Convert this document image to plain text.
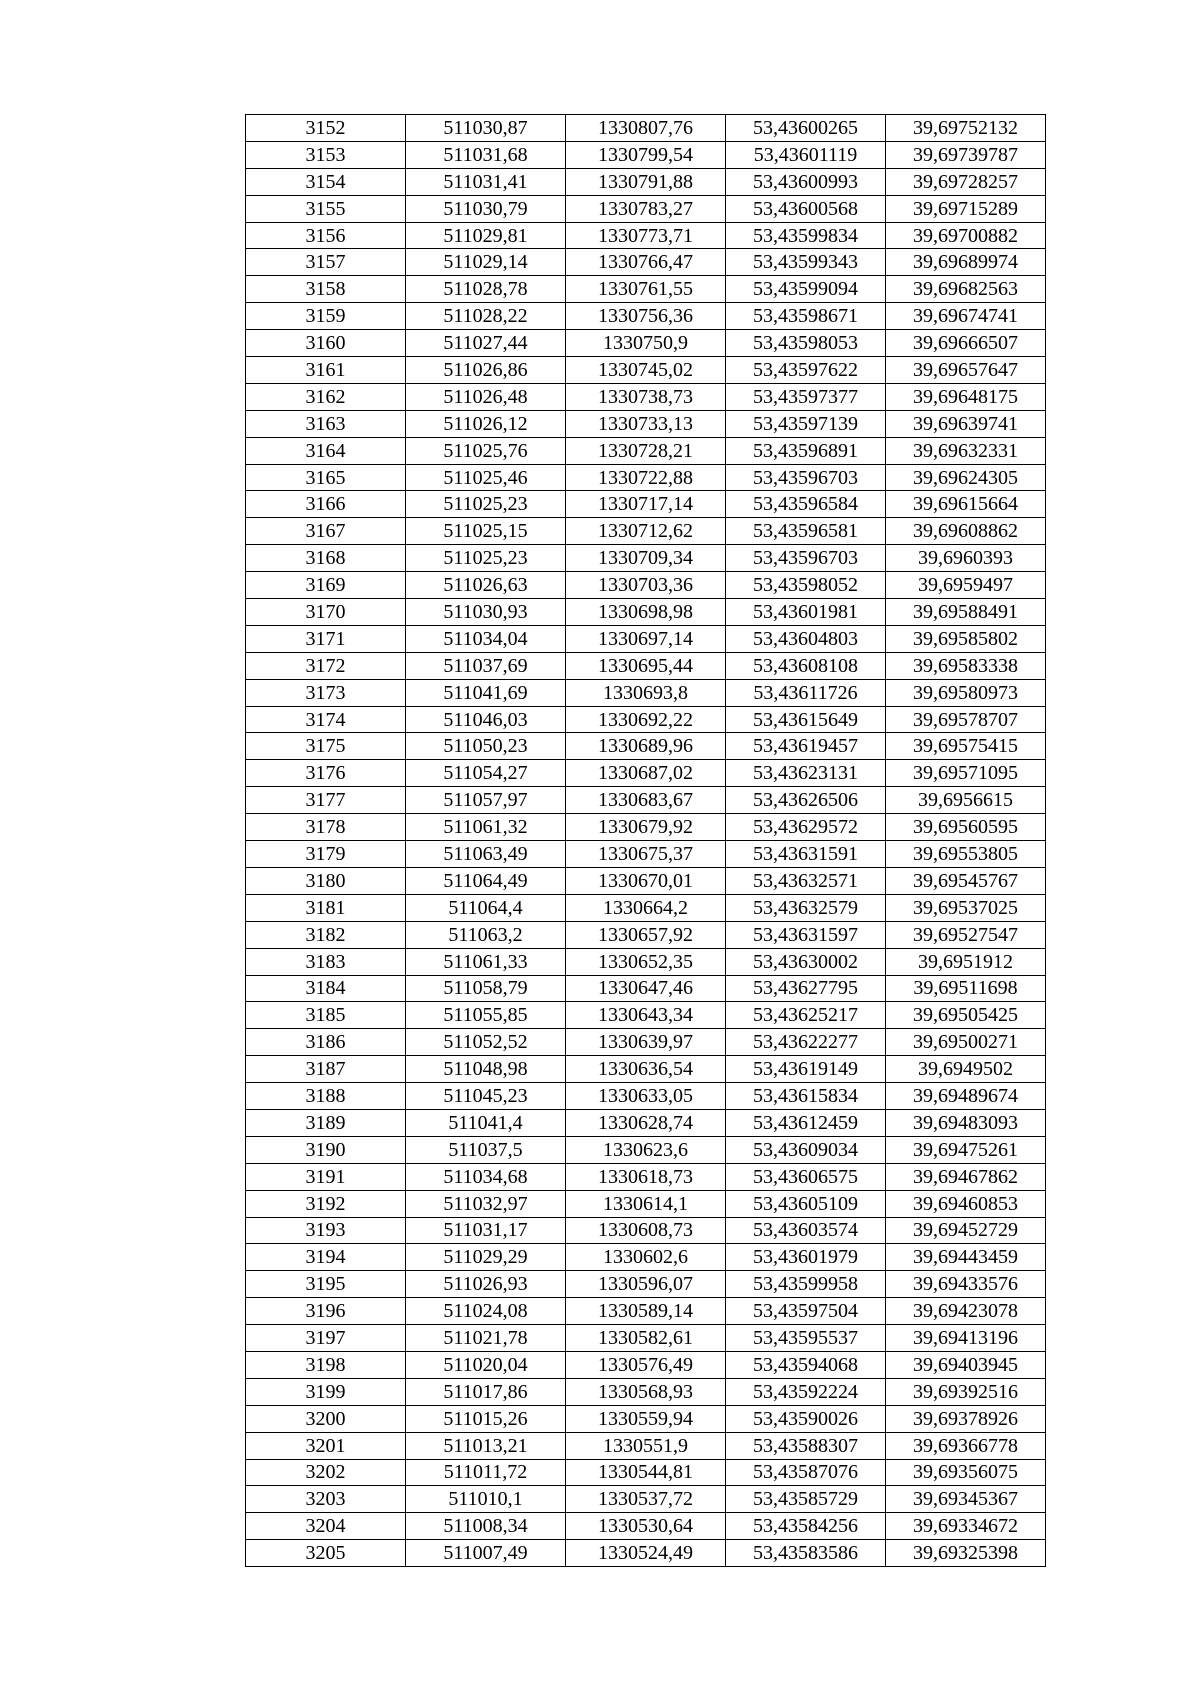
3152	511030,87	1330807,76	53,43600265	39,69752132
3153	511031,68	1330799,54	53,43601119	39,69739787
3154	511031,41	1330791,88	53,43600993	39,69728257
3155	511030,79	1330783,27	53,43600568	39,69715289
3156	511029,81	1330773,71	53,43599834	39,69700882
3157	511029,14	1330766,47	53,43599343	39,69689974
3158	511028,78	1330761,55	53,43599094	39,69682563
3159	511028,22	1330756,36	53,43598671	39,69674741
3160	511027,44	1330750,9	53,43598053	39,69666507
3161	511026,86	1330745,02	53,43597622	39,69657647
3162	511026,48	1330738,73	53,43597377	39,69648175
3163	511026,12	1330733,13	53,43597139	39,69639741
3164	511025,76	1330728,21	53,43596891	39,69632331
3165	511025,46	1330722,88	53,43596703	39,69624305
3166	511025,23	1330717,14	53,43596584	39,69615664
3167	511025,15	1330712,62	53,43596581	39,69608862
3168	511025,23	1330709,34	53,43596703	39,6960393
3169	511026,63	1330703,36	53,43598052	39,6959497
3170	511030,93	1330698,98	53,43601981	39,69588491
3171	511034,04	1330697,14	53,43604803	39,69585802
3172	511037,69	1330695,44	53,43608108	39,69583338
3173	511041,69	1330693,8	53,43611726	39,69580973
3174	511046,03	1330692,22	53,43615649	39,69578707
3175	511050,23	1330689,96	53,43619457	39,69575415
3176	511054,27	1330687,02	53,43623131	39,69571095
3177	511057,97	1330683,67	53,43626506	39,6956615
3178	511061,32	1330679,92	53,43629572	39,69560595
3179	511063,49	1330675,37	53,43631591	39,69553805
3180	511064,49	1330670,01	53,43632571	39,69545767
3181	511064,4	1330664,2	53,43632579	39,69537025
3182	511063,2	1330657,92	53,43631597	39,69527547
3183	511061,33	1330652,35	53,43630002	39,6951912
3184	511058,79	1330647,46	53,43627795	39,69511698
3185	511055,85	1330643,34	53,43625217	39,69505425
3186	511052,52	1330639,97	53,43622277	39,69500271
3187	511048,98	1330636,54	53,43619149	39,6949502
3188	511045,23	1330633,05	53,43615834	39,69489674
3189	511041,4	1330628,74	53,43612459	39,69483093
3190	511037,5	1330623,6	53,43609034	39,69475261
3191	511034,68	1330618,73	53,43606575	39,69467862
3192	511032,97	1330614,1	53,43605109	39,69460853
3193	511031,17	1330608,73	53,43603574	39,69452729
3194	511029,29	1330602,6	53,43601979	39,69443459
3195	511026,93	1330596,07	53,43599958	39,69433576
3196	511024,08	1330589,14	53,43597504	39,69423078
3197	511021,78	1330582,61	53,43595537	39,69413196
3198	511020,04	1330576,49	53,43594068	39,69403945
3199	511017,86	1330568,93	53,43592224	39,69392516
3200	511015,26	1330559,94	53,43590026	39,69378926
3201	511013,21	1330551,9	53,43588307	39,69366778
3202	511011,72	1330544,81	53,43587076	39,69356075
3203	511010,1	1330537,72	53,43585729	39,69345367
3204	511008,34	1330530,64	53,43584256	39,69334672
3205	511007,49	1330524,49	53,43583586	39,69325398
